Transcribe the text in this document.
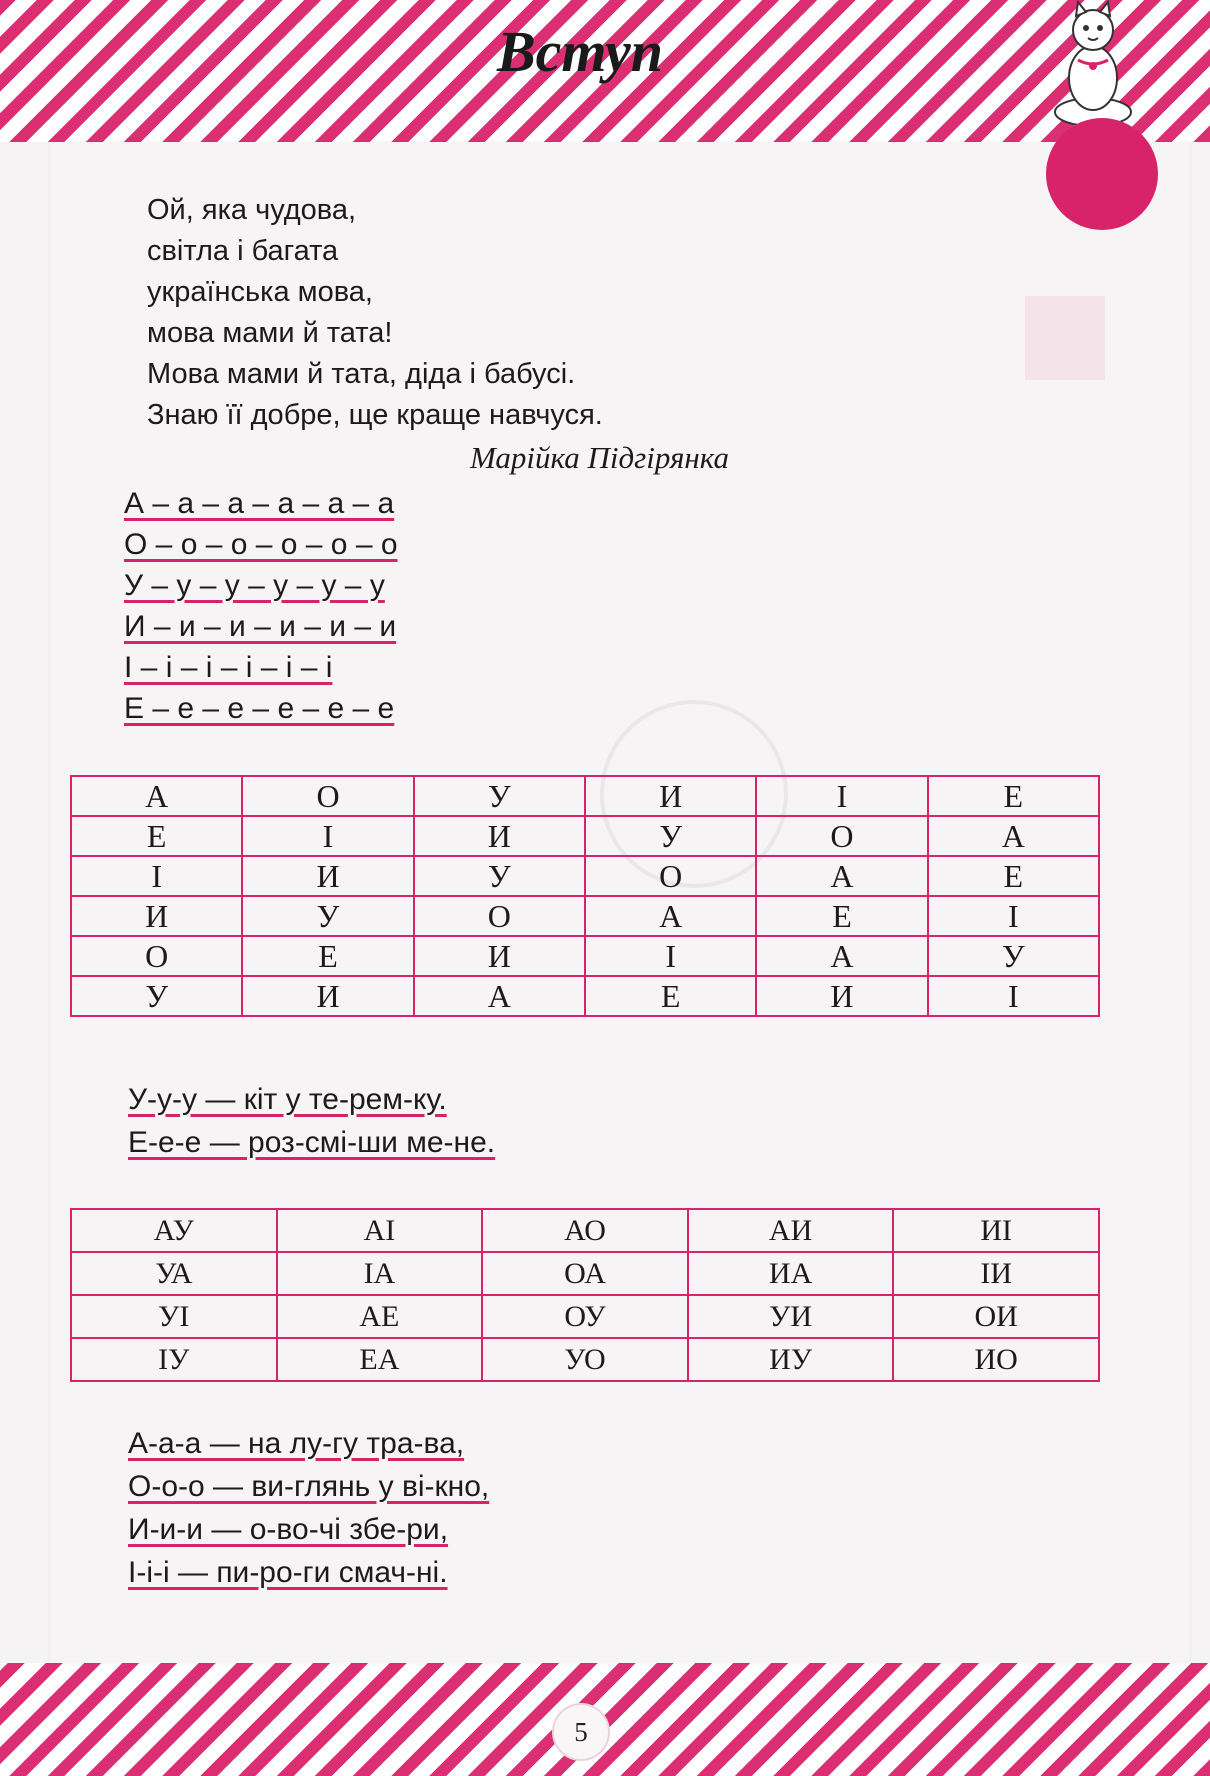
Вступ
Ой, яка чудова,
світла і багата
українська мова,
мова мами й тата!
Мова мами й тата, діда і бабусі.
Знаю її добре, ще краще навчуся.
Марійка Підгірянка
А – а – а – а – а – а
О – о – о – о – о – о
У – у – у – у – у – у
И – и – и – и – и – и
І – і – і – і – і – і
Е – е – е – е – е – е
А	О	У	И	І	Е
Е	І	И	У	О	А
І	И	У	О	А	Е
И	У	О	А	Е	І
О	Е	И	І	А	У
У	И	А	Е	И	І
У-у-у — кіт у те-рем-ку.
Е-е-е — роз-смі-ши ме-не.
АУ	АІ	АО	АИ	ИІ
УА	ІА	ОА	ИА	ІИ
УІ	АЕ	ОУ	УИ	ОИ
ІУ	ЕА	УО	ИУ	ИО
А-а-а — на лу-гу тра-ва,
О-о-о — ви-глянь у ві-кно,
И-и-и — о-во-чі збе-ри,
І-і-і — пи-ро-ги смач-ні.
5
